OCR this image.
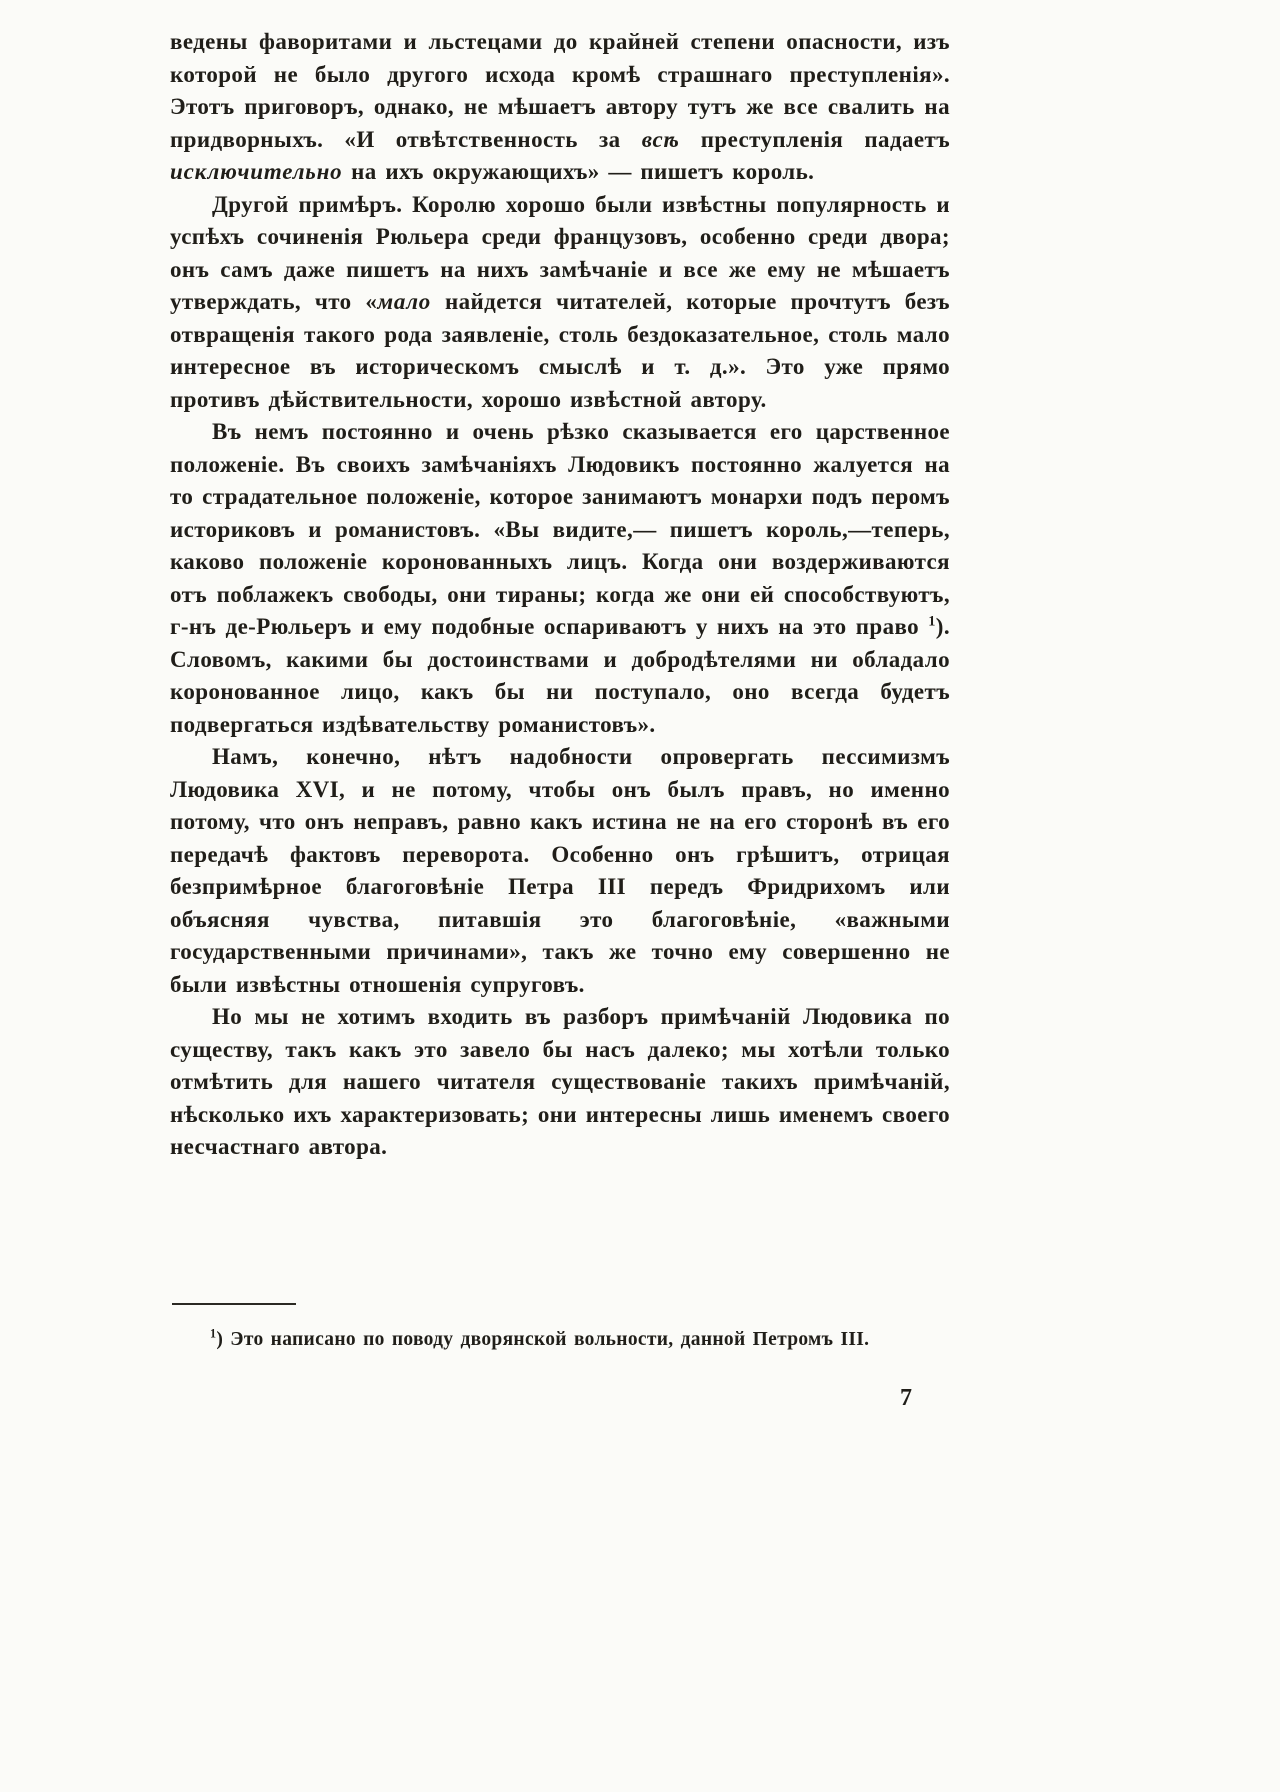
ведены фаворитами и льстецами до крайней степени опасности, изъ которой не было другого исхода кромѣ страшнаго преступленія». Этотъ приговоръ, однако, не мѣшаетъ автору тутъ же все свалить на придворныхъ. «И отвѣтственность за всѣ преступленія падаетъ исключительно на ихъ окружающихъ» — пишетъ король.

Другой примѣръ. Королю хорошо были извѣстны популярность и успѣхъ сочиненія Рюльера среди французовъ, особенно среди двора; онъ самъ даже пишетъ на нихъ замѣчаніе и все же ему не мѣшаетъ утверждать, что «мало найдется читателей, которые прочтутъ безъ отвращенія такого рода заявленіе, столь бездоказательное, столь мало интересное въ историческомъ смыслѣ и т. д.». Это уже прямо противъ дѣйствительности, хорошо извѣстной автору.

Въ немъ постоянно и очень рѣзко сказывается его царственное положеніе. Въ своихъ замѣчаніяхъ Людовикъ постоянно жалуется на то страдательное положеніе, которое занимаютъ монархи подъ перомъ историковъ и романистовъ. «Вы видите,— пишетъ король,—теперь, каково положеніе коронованныхъ лицъ. Когда они воздерживаются отъ поблажекъ свободы, они тираны; когда же они ей способствуютъ, г-нъ де-Рюльеръ и ему подобные оспариваютъ у нихъ на это право $^1$). Словомъ, какими бы достоинствами и добродѣтелями ни обладало коронованное лицо, какъ бы ни поступало, оно всегда будетъ подвергаться издѣвательству романистовъ».

Намъ, конечно, нѣтъ надобности опровергать пессимизмъ Людовика XVI, и не потому, чтобы онъ былъ правъ, но именно потому, что онъ неправъ, равно какъ истина не на его сторонѣ въ его передачѣ фактовъ переворота. Особенно онъ грѣшитъ, отрицая безпримѣрное благоговѣніе Петра III передъ Фридрихомъ или объясняя чувства, питавшія это благоговѣніе, «важными государственными причинами», такъ же точно ему совершенно не были извѣстны отношенія супруговъ.

Но мы не хотимъ входить въ разборъ примѣчаній Людовика по существу, такъ какъ это завело бы насъ далеко; мы хотѣли только отмѣтить для нашего читателя существованіе такихъ примѣчаній, нѣсколько ихъ характеризовать; они интересны лишь именемъ своего несчастнаго автора.

$^1$) Это написано по поводу дворянской вольности, данной Петромъ III.
7
